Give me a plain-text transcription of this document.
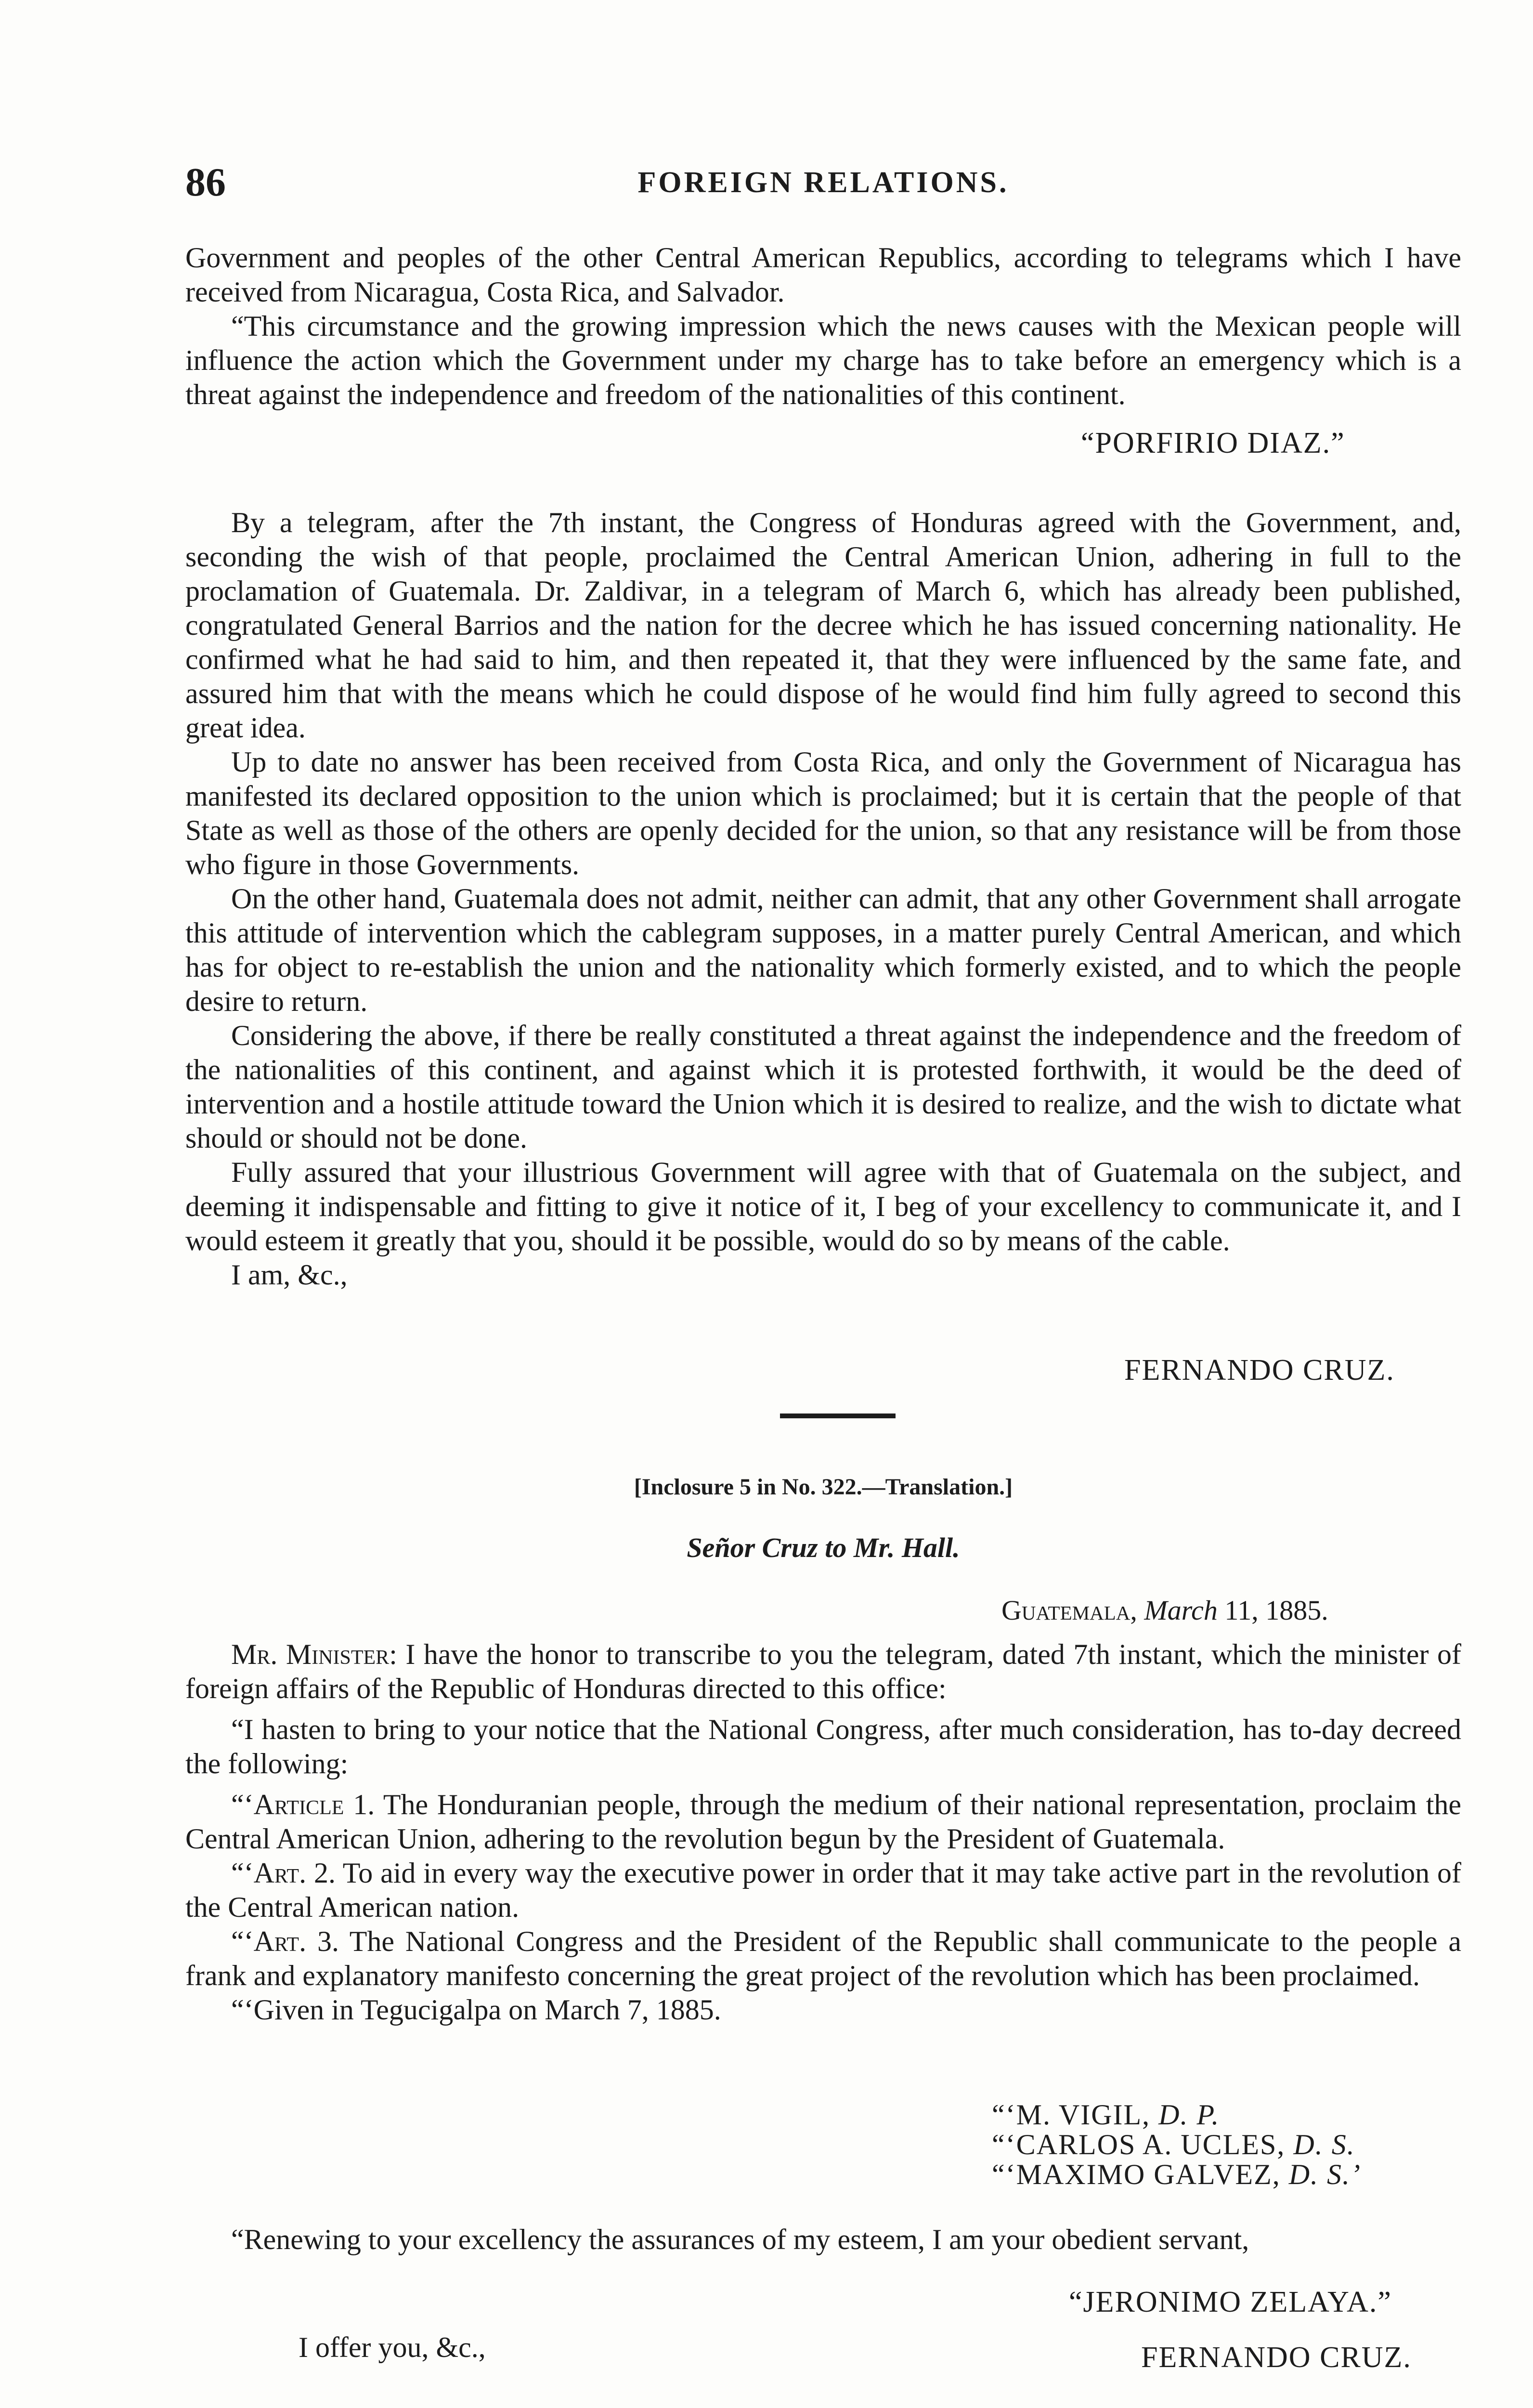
86	FOREIGN RELATIONS.

Government and peoples of the other Central American Republics, according to telegrams which I have received from Nicaragua, Costa Rica, and Salvador.

“This circumstance and the growing impression which the news causes with the Mexican people will influence the action which the Government under my charge has to take before an emergency which is a threat against the independence and freedom of the nationalities of this continent.

“PORFIRIO DIAZ.”

By a telegram, after the 7th instant, the Congress of Honduras agreed with the Government, and, seconding the wish of that people, proclaimed the Central American Union, adhering in full to the proclamation of Guatemala. Dr. Zaldivar, in a telegram of March 6, which has already been published, congratulated General Barrios and the nation for the decree which he has issued concerning nationality. He confirmed what he had said to him, and then repeated it, that they were influenced by the same fate, and assured him that with the means which he could dispose of he would find him fully agreed to second this great idea.

Up to date no answer has been received from Costa Rica, and only the Government of Nicaragua has manifested its declared opposition to the union which is proclaimed; but it is certain that the people of that State as well as those of the others are openly decided for the union, so that any resistance will be from those who figure in those Governments.

On the other hand, Guatemala does not admit, neither can admit, that any other Government shall arrogate this attitude of intervention which the cablegram supposes, in a matter purely Central American, and which has for object to re-establish the union and the nationality which formerly existed, and to which the people desire to return.

Considering the above, if there be really constituted a threat against the independence and the freedom of the nationalities of this continent, and against which it is protested forthwith, it would be the deed of intervention and a hostile attitude toward the Union which it is desired to realize, and the wish to dictate what should or should not be done.

Fully assured that your illustrious Government will agree with that of Guatemala on the subject, and deeming it indispensable and fitting to give it notice of it, I beg of your excellency to communicate it, and I would esteem it greatly that you, should it be possible, would do so by means of the cable.

I am, &c.,

FERNANDO CRUZ.
[Inclosure 5 in No. 322.—Translation.]
Señor Cruz to Mr. Hall.
Guatemala, March 11, 1885.

Mr. Minister: I have the honor to transcribe to you the telegram, dated 7th instant, which the minister of foreign affairs of the Republic of Honduras directed to this office:

“I hasten to bring to your notice that the National Congress, after much consideration, has to-day decreed the following:

“‘Article 1. The Honduranian people, through the medium of their national representation, proclaim the Central American Union, adhering to the revolution begun by the President of Guatemala.

“‘Art. 2. To aid in every way the executive power in order that it may take active part in the revolution of the Central American nation.

“‘Art. 3. The National Congress and the President of the Republic shall communicate to the people a frank and explanatory manifesto concerning the great project of the revolution which has been proclaimed.

“‘Given in Tegucigalpa on March 7, 1885.

“‘M. VIGIL, D. P.
“‘CARLOS A. UCLES, D. S.
“‘MAXIMO GALVEZ, D. S.’

“Renewing to your excellency the assurances of my esteem, I am your obedient servant,

“JERONIMO ZELAYA.”
I offer you, &c.,	FERNANDO CRUZ.
